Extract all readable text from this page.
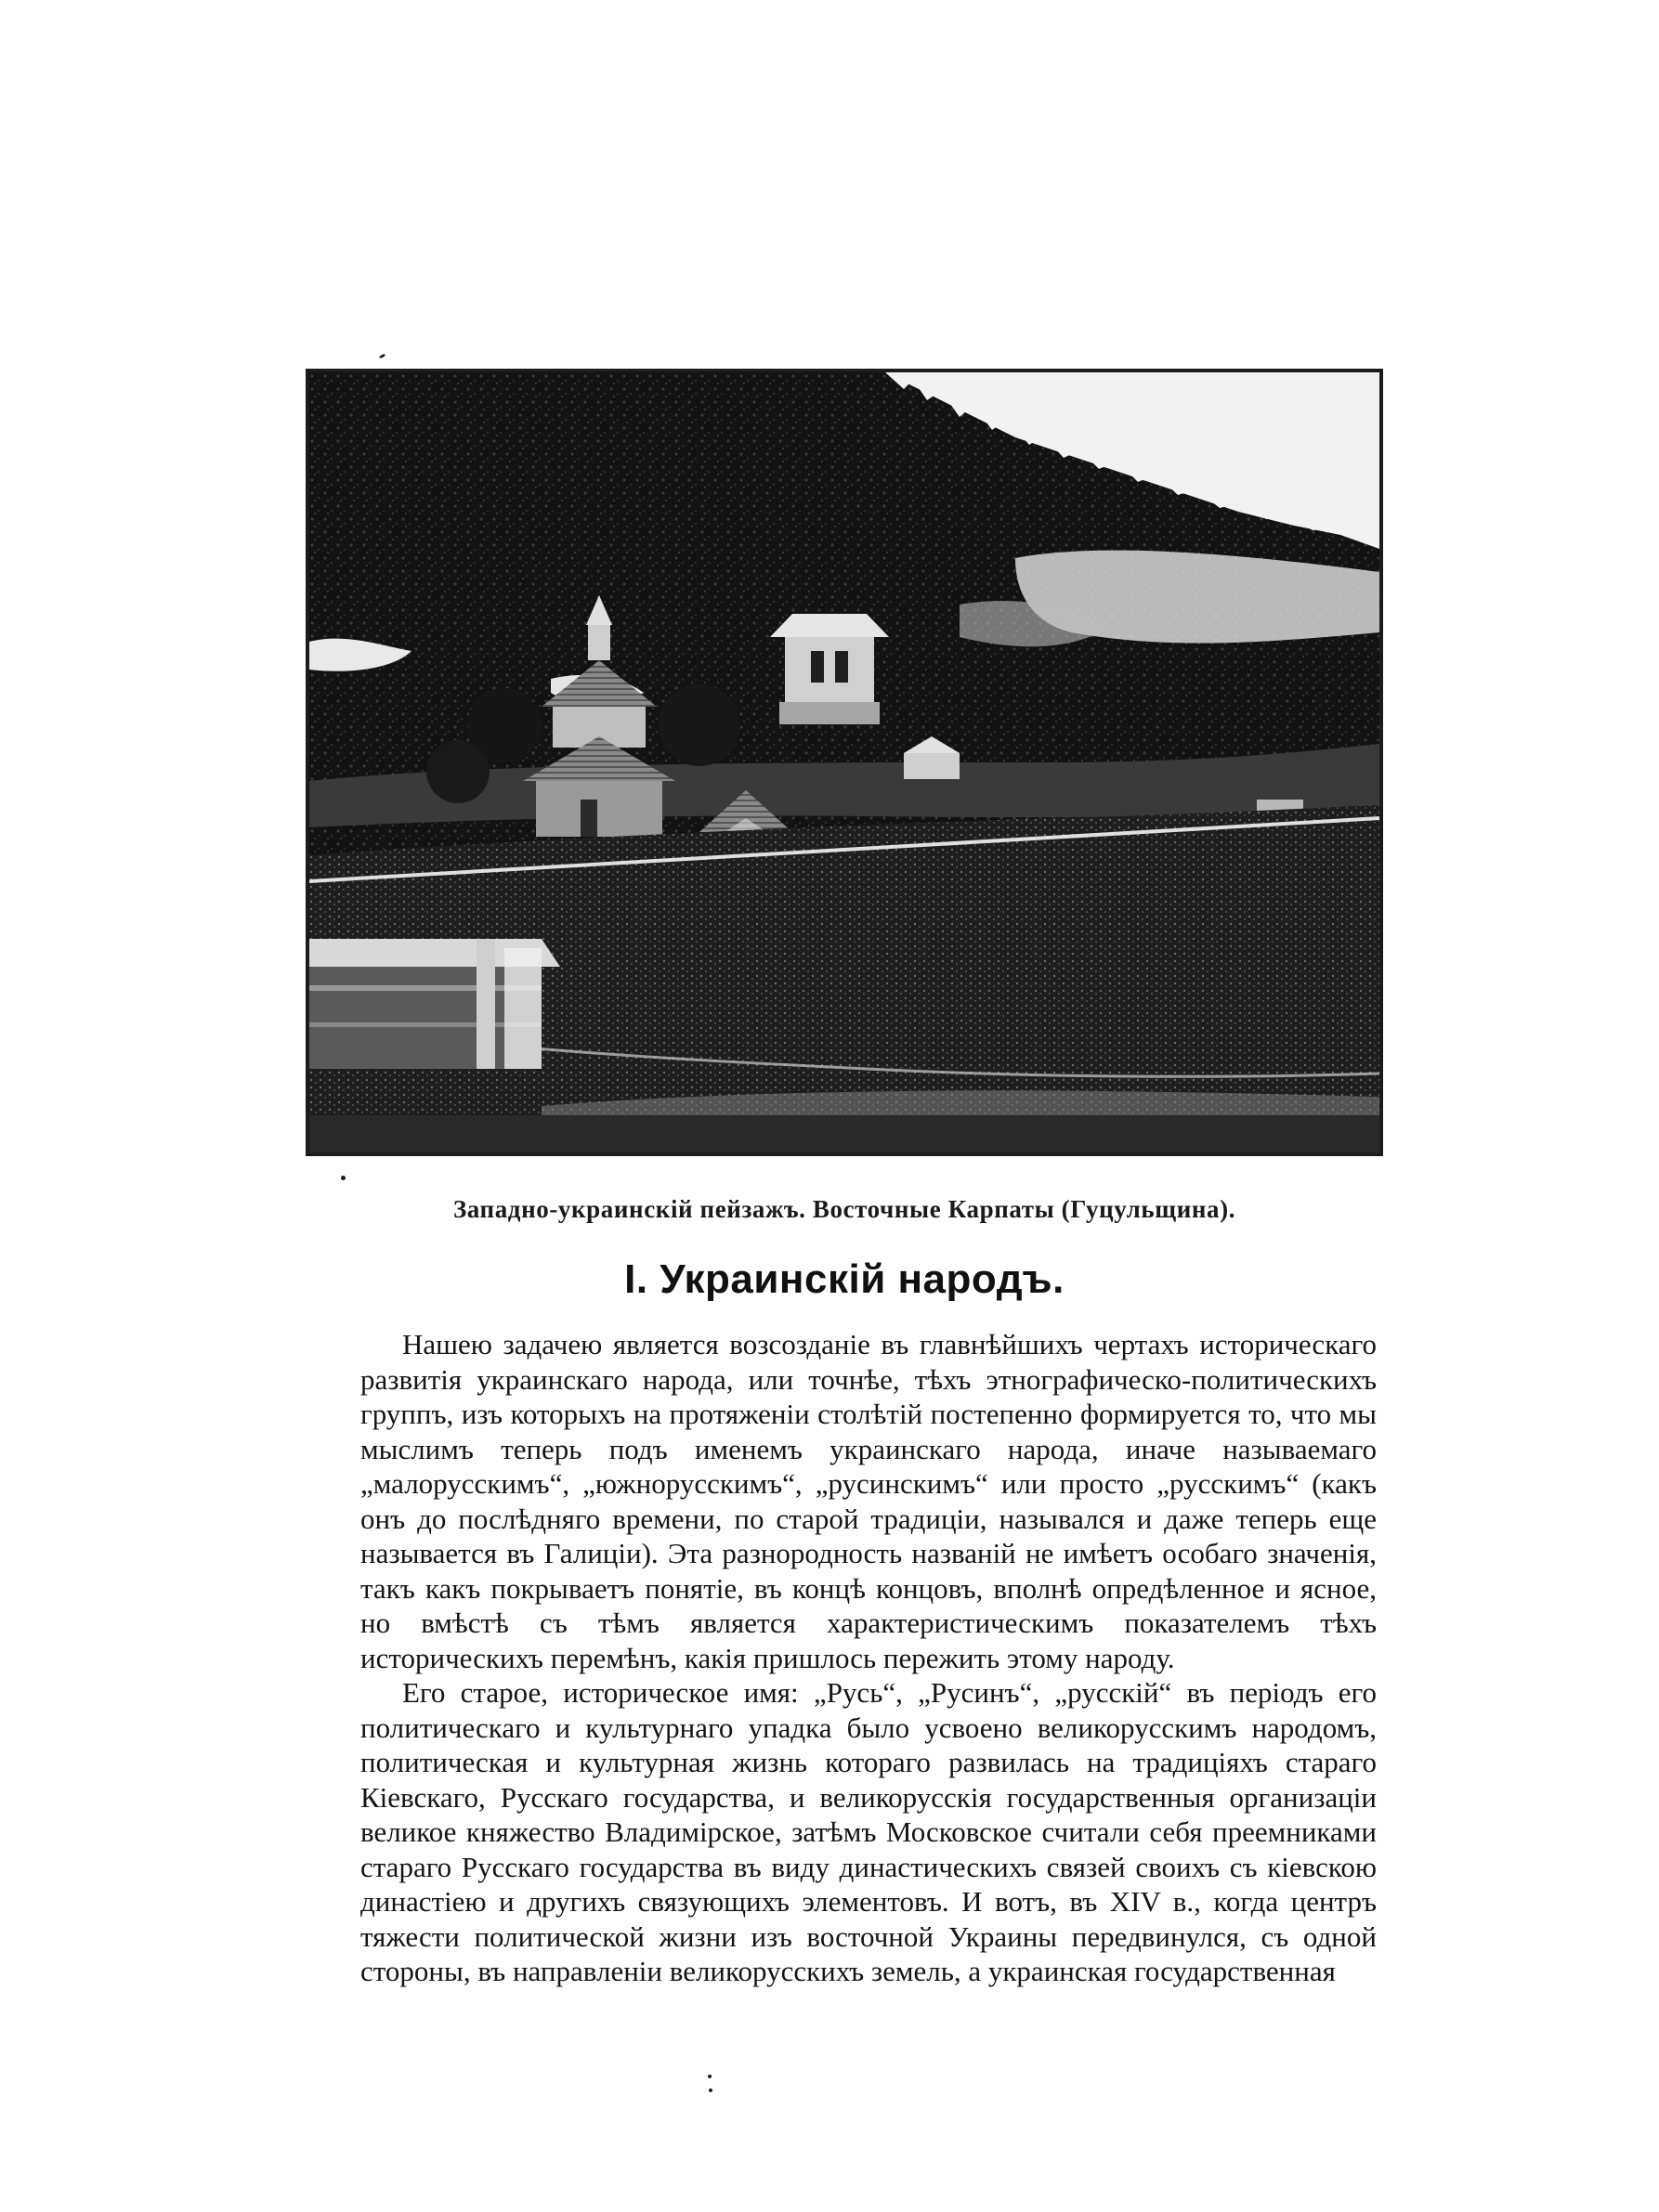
Западно-украинскій пейзажъ. Восточные Карпаты (Гуцульщина).
I. Украинскій народъ.

Нашею задачею является возсозданіе въ главнѣйшихъ чертахъ историческаго развитія украинскаго народа, или точнѣе, тѣхъ этнографическо-политическихъ группъ, изъ которыхъ на протяженіи столѣтій постепенно формируется то, что мы мыслимъ теперь подъ именемъ украинскаго народа, иначе называемаго „малорусскимъ“, „южнорусскимъ“, „русинскимъ“ или просто „русскимъ“ (какъ онъ до послѣдняго времени, по старой традиціи, назывался и даже теперь еще называется въ Галиціи). Эта разнородность названій не имѣетъ особаго значенія, такъ какъ покрываетъ понятіе, въ концѣ концовъ, вполнѣ опредѣленное и ясное, но вмѣстѣ съ тѣмъ является характеристическимъ показателемъ тѣхъ историческихъ перемѣнъ, какія пришлось пережить этому народу.

Его старое, историческое имя: „Русь“, „Русинъ“, „русскій“ въ періодъ его политическаго и культурнаго упадка было усвоено великорусскимъ народомъ, политическая и культурная жизнь котораго развилась на традиціяхъ стараго Кіевскаго, Русскаго государства, и великорусскія государственныя организаціи великое княжество Владимірское, затѣмъ Московское считали себя преемниками стараго Русскаго государства въ виду династическихъ связей своихъ съ кіевскою династіею и другихъ связующихъ элементовъ. И вотъ, въ XIV в., когда центръ тяжести политической жизни изъ восточной Украины передвинулся, съ одной стороны, въ направленіи великорусскихъ земель, а украинская государственная
